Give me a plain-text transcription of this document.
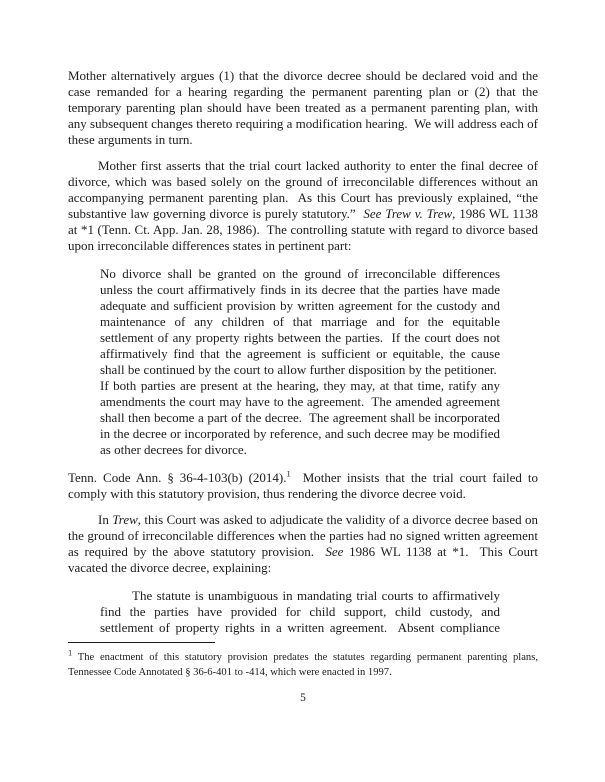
Mother alternatively argues (1) that the divorce decree should be declared void and the case remanded for a hearing regarding the permanent parenting plan or (2) that the temporary parenting plan should have been treated as a permanent parenting plan, with any subsequent changes thereto requiring a modification hearing.  We will address each of these arguments in turn.

Mother first asserts that the trial court lacked authority to enter the final decree of divorce, which was based solely on the ground of irreconcilable differences without an accompanying permanent parenting plan.  As this Court has previously explained, “the substantive law governing divorce is purely statutory.”  See Trew v. Trew, 1986 WL 1138 at *1 (Tenn. Ct. App. Jan. 28, 1986).  The controlling statute with regard to divorce based upon irreconcilable differences states in pertinent part:

No divorce shall be granted on the ground of irreconcilable differences unless the court affirmatively finds in its decree that the parties have made adequate and sufficient provision by written agreement for the custody and maintenance of any children of that marriage and for the equitable settlement of any property rights between the parties.  If the court does not affirmatively find that the agreement is sufficient or equitable, the cause shall be continued by the court to allow further disposition by the petitioner.  If both parties are present at the hearing, they may, at that time, ratify any amendments the court may have to the agreement.  The amended agreement shall then become a part of the decree.  The agreement shall be incorporated in the decree or incorporated by reference, and such decree may be modified as other decrees for divorce.

Tenn. Code Ann. § 36-4-103(b) (2014).$^1$  Mother insists that the trial court failed to comply with this statutory provision, thus rendering the divorce decree void.

In Trew, this Court was asked to adjudicate the validity of a divorce decree based on the ground of irreconcilable differences when the parties had no signed written agreement as required by the above statutory provision.  See 1986 WL 1138 at *1.  This Court vacated the divorce decree, explaining:

The statute is unambiguous in mandating trial courts to affirmatively find the parties have provided for child support, child custody, and settlement of property rights in a written agreement.  Absent compliance

$^1$ The enactment of this statutory provision predates the statutes regarding permanent parenting plans, Tennessee Code Annotated § 36-6-401 to -414, which were enacted in 1997.

5
